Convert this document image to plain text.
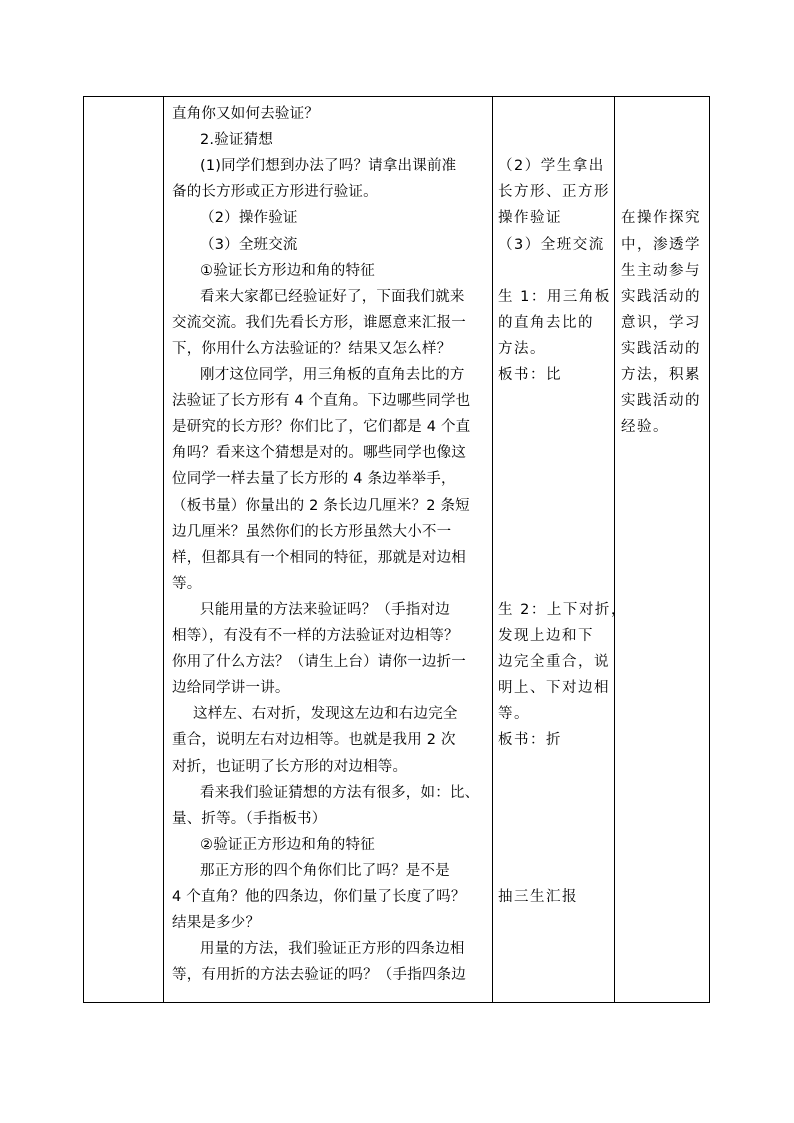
直角你又如何去验证？
2.验证猜想
(1)同学们想到办法了吗？请拿出课前准
备的长方形或正方形进行验证。
（2）操作验证
（3）全班交流
①验证长方形边和角的特征
看来大家都已经验证好了，下面我们就来
交流交流。我们先看长方形，谁愿意来汇报一
下，你用什么方法验证的？结果又怎么样？
刚才这位同学，用三角板的直角去比的方
法验证了长方形有 4 个直角。下边哪些同学也
是研究的长方形？你们比了，它们都是 4 个直
角吗？看来这个猜想是对的。哪些同学也像这
位同学一样去量了长方形的 4 条边举举手，
（板书量）你量出的 2 条长边几厘米？2 条短
边几厘米？虽然你们的长方形虽然大小不一
样，但都具有一个相同的特征，那就是对边相
等。
只能用量的方法来验证吗？（手指对边
相等），有没有不一样的方法验证对边相等？
你用了什么方法？（请生上台）请你一边折一
边给同学讲一讲。
这样左、右对折，发现这左边和右边完全
重合，说明左右对边相等。也就是我用 2 次
对折，也证明了长方形的对边相等。
看来我们验证猜想的方法有很多，如：比、
量、折等。（手指板书）
②验证正方形边和角的特征
那正方形的四个角你们比了吗？是不是
4 个直角？他的四条边，你们量了长度了吗？
结果是多少？
用量的方法，我们验证正方形的四条边相
等，有用折的方法去验证的吗？（手指四条边
（2）学生拿出
长方形、正方形
操作验证
（3）全班交流
生 1：用三角板
的直角去比的
方法。
板书：比
生 2：上下对折，
发现上边和下
边完全重合，说
明上、下对边相
等。
板书：折
抽三生汇报
在操作探究
中，渗透学
生主动参与
实践活动的
意识，学习
实践活动的
方法，积累
实践活动的
经验。
